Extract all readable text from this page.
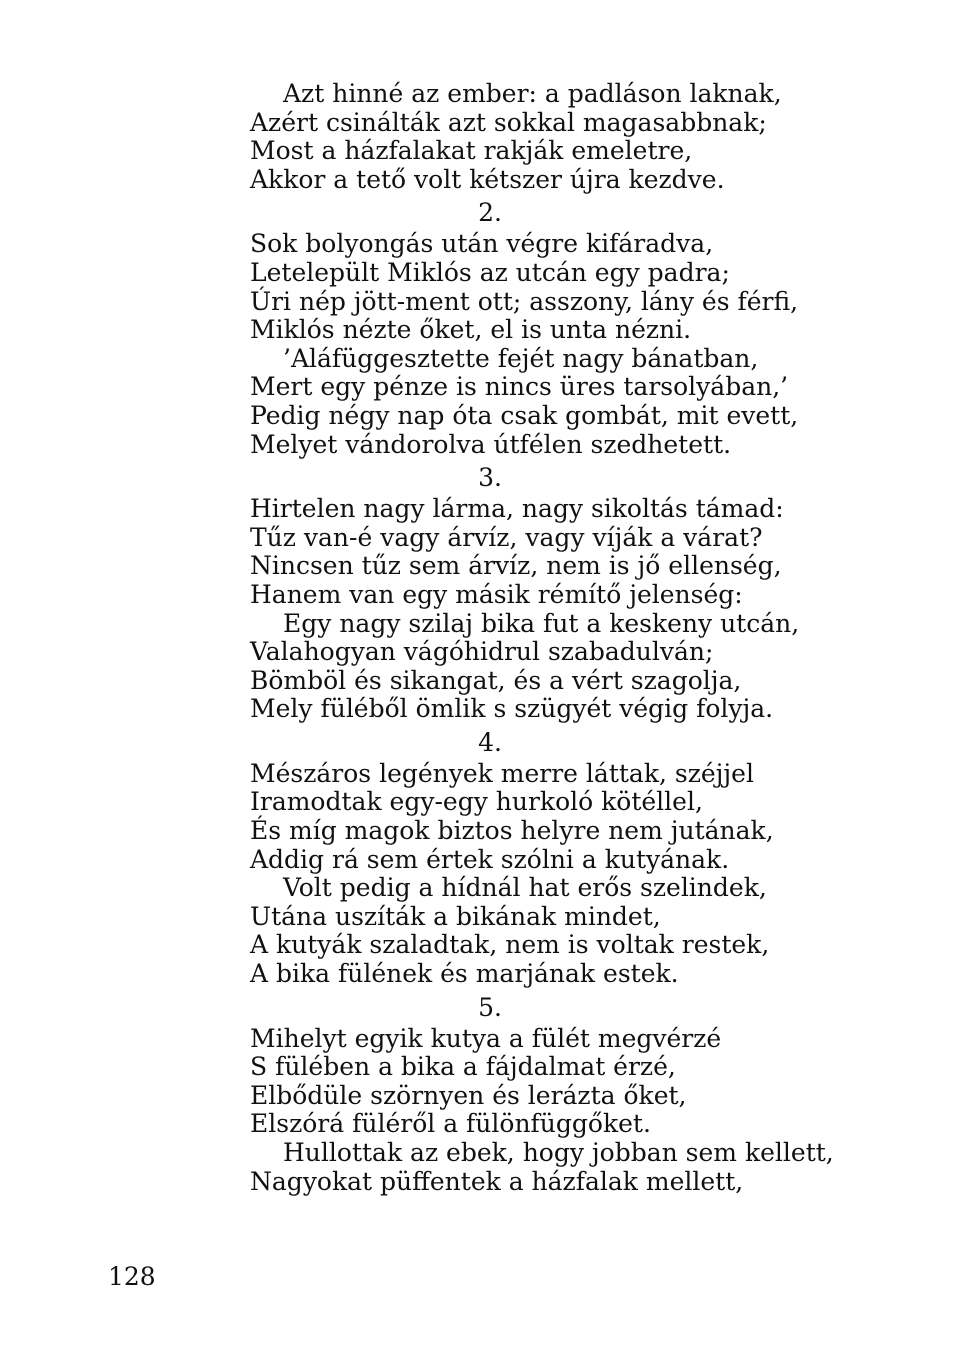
Azt hinné az ember: a padláson laknak,
Azért csinálták azt sokkal magasabbnak;
Most a házfalakat rakják emeletre,
Akkor a tető volt kétszer újra kezdve.
2.
Sok bolyongás után végre kifáradva,
Letelepült Miklós az utcán egy padra;
Úri nép jött-ment ott; asszony, lány és férfi,
Miklós nézte őket, el is unta nézni.
’Aláfüggesztette fejét nagy bánatban,
Mert egy pénze is nincs üres tarsolyában,’
Pedig négy nap óta csak gombát, mit evett,
Melyet vándorolva útfélen szedhetett.
3.
Hirtelen nagy lárma, nagy sikoltás támad:
Tűz van-é vagy árvíz, vagy víják a várat?
Nincsen tűz sem árvíz, nem is jő ellenség,
Hanem van egy másik rémítő jelenség:
Egy nagy szilaj bika fut a keskeny utcán,
Valahogyan vágóhidrul szabadulván;
Bömböl és sikangat, és a vért szagolja,
Mely füléből ömlik s szügyét végig folyja.
4.
Mészáros legények merre láttak, széjjel
Iramodtak egy-egy hurkoló kötéllel,
És míg magok biztos helyre nem jutának,
Addig rá sem értek szólni a kutyának.
Volt pedig a hídnál hat erős szelindek,
Utána uszíták a bikának mindet,
A kutyák szaladtak, nem is voltak restek,
A bika fülének és marjának estek.
5.
Mihelyt egyik kutya a fülét megvérzé
S fülében a bika a fájdalmat érzé,
Elbődüle szörnyen és lerázta őket,
Elszórá füléről a fülönfüggőket.
Hullottak az ebek, hogy jobban sem kellett,
Nagyokat püffentek a házfalak mellett,
128
